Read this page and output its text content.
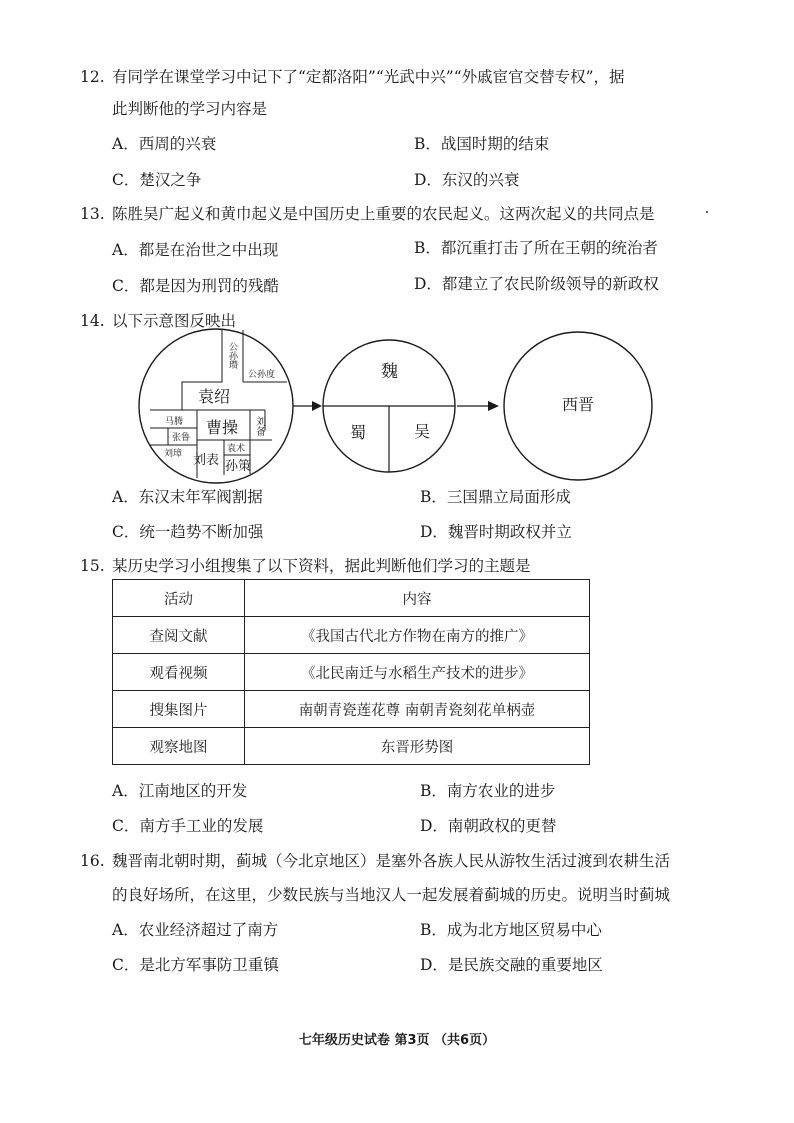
12. 有同学在课堂学习中记下了“定都洛阳”“光武中兴”“外戚宦官交替专权”，据
此判断他的学习内容是
A．西周的兴衰	B．战国时期的结束
C．楚汉之争	D．东汉的兴衰
13. 陈胜吴广起义和黄巾起义是中国历史上重要的农民起义。这两次起义的共同点是
A．都是在治世之中出现	B．都沉重打击了所在王朝的统治者
C．都是因为刑罚的残酷	D．都建立了农民阶级领导的新政权
14. 以下示意图反映出
公孙瓒
公孙度
袁绍
马腾
张鲁
曹操 刘备
刘璋 刘表
袁术
孙策
魏
蜀	吴
西晋
A．东汉末年军阀割据	B．三国鼎立局面形成
C．统一趋势不断加强	D．魏晋时期政权并立
15. 某历史学习小组搜集了以下资料，据此判断他们学习的主题是
活动	内容
查阅文献	《我国古代北方作物在南方的推广》
观看视频	《北民南迁与水稻生产技术的进步》
搜集图片	南朝青瓷莲花尊 南朝青瓷刻花单柄壶
观察地图	东晋形势图
A．江南地区的开发	B．南方农业的进步
C．南方手工业的发展	D．南朝政权的更替
16. 魏晋南北朝时期，蓟城（今北京地区）是塞外各族人民从游牧生活过渡到农耕生活
的良好场所，在这里，少数民族与当地汉人一起发展着蓟城的历史。说明当时蓟城
A．农业经济超过了南方	B．成为北方地区贸易中心
C．是北方军事防卫重镇	D．是民族交融的重要地区
七年级历史试卷 第3页 （共6页）
